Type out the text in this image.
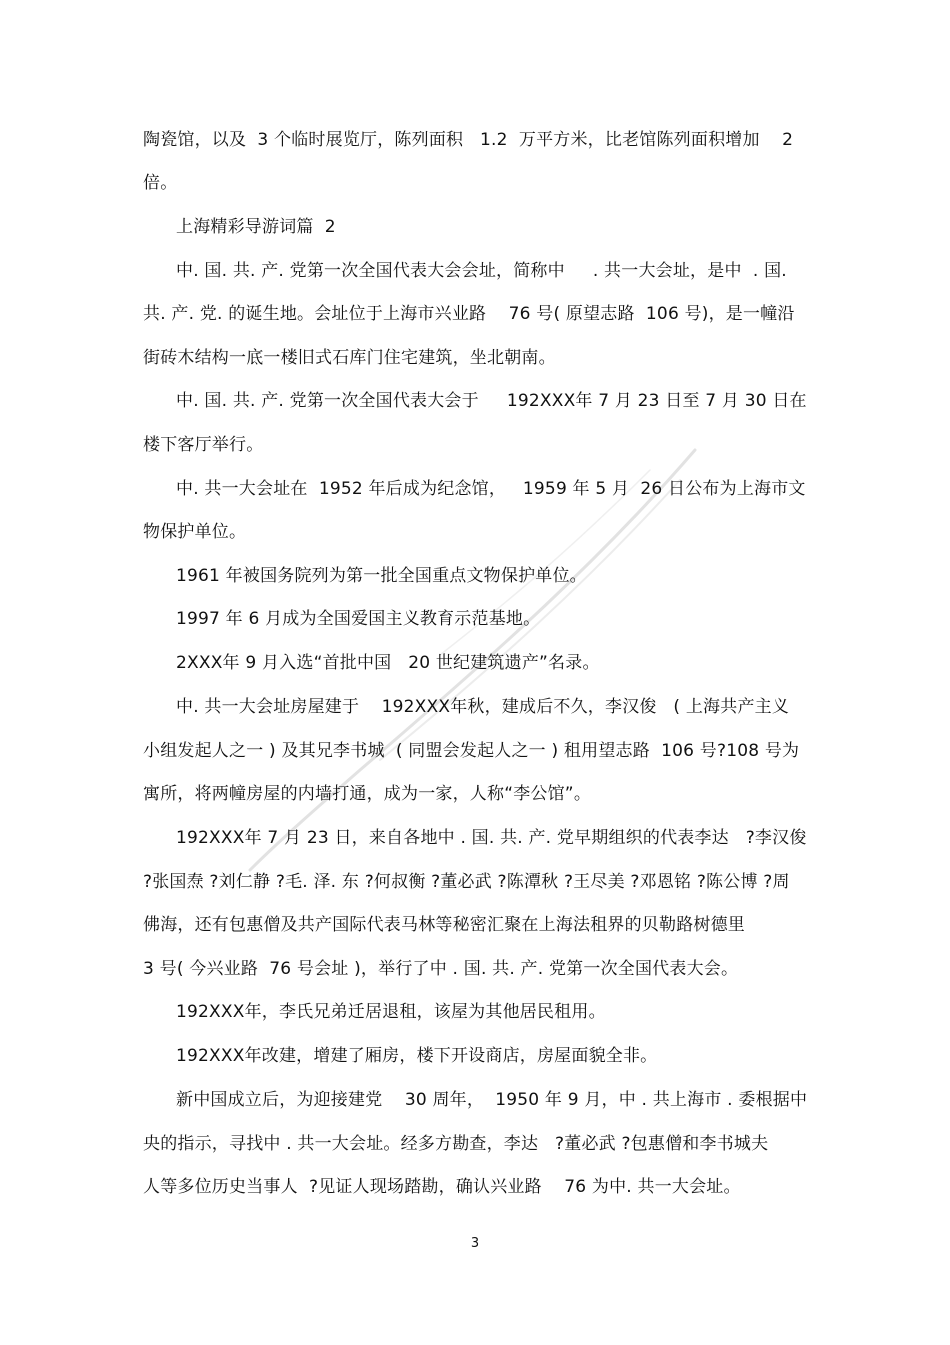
陶瓷馆，以及  3 个临时展览厅，陈列面积   1.2  万平方米，比老馆陈列面积增加    2
倍。
上海精彩导游词篇  2
中. 国. 共. 产. 党第一次全国代表大会会址，简称中     . 共一大会址，是中  . 国.
共. 产. 党. 的诞生地。会址位于上海市兴业路    76 号( 原望志路  106 号)，是一幢沿
街砖木结构一底一楼旧式石库门住宅建筑，坐北朝南。
中. 国. 共. 产. 党第一次全国代表大会于     192XXX年 7 月 23 日至 7 月 30 日在
楼下客厅举行。
中. 共一大会址在  1952 年后成为纪念馆，   1959 年 5 月  26 日公布为上海市文
物保护单位。
1961 年被国务院列为第一批全国重点文物保护单位。
1997 年 6 月成为全国爱国主义教育示范基地。
2XXX年 9 月入选“首批中国   20 世纪建筑遗产”名录。
中. 共一大会址房屋建于    192XXX年秋，建成后不久，李汉俊   ( 上海共产主义
小组发起人之一 ) 及其兄李书城  ( 同盟会发起人之一 ) 租用望志路  106 号?108 号为
寓所，将两幢房屋的内墙打通，成为一家，人称“李公馆”。
192XXX年 7 月 23 日，来自各地中 . 国. 共. 产. 党早期组织的代表李达   ?李汉俊
?张国焘 ?刘仁静 ?毛. 泽. 东 ?何叔衡 ?董必武 ?陈潭秋 ?王尽美 ?邓恩铭 ?陈公博 ?周
佛海，还有包惠僧及共产国际代表马林等秘密汇聚在上海法租界的贝勒路树德里
3 号( 今兴业路  76 号会址 )，举行了中 . 国. 共. 产. 党第一次全国代表大会。
192XXX年，李氏兄弟迁居退租，该屋为其他居民租用。
192XXX年改建，增建了厢房，楼下开设商店，房屋面貌全非。
新中国成立后，为迎接建党    30 周年，  1950 年 9 月，中 . 共上海市 . 委根据中
央的指示，寻找中 . 共一大会址。经多方勘查，李达   ?董必武 ?包惠僧和李书城夫
人等多位历史当事人  ?见证人现场踏勘，确认兴业路    76 为中. 共一大会址。
3
